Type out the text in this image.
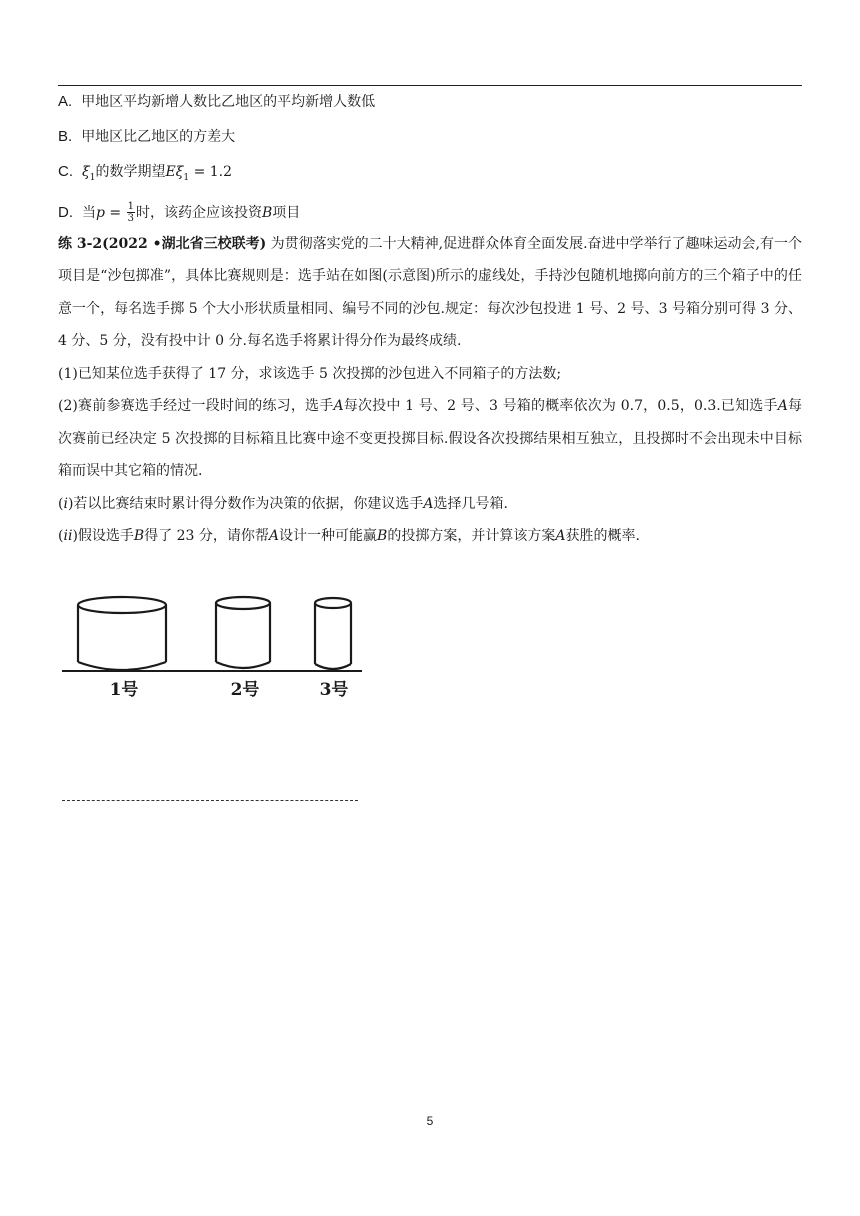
A. 甲地区平均新增人数比乙地区的平均新增人数低

B. 甲地区比乙地区的方差大

C. $\xi_1$的数学期望$E\xi_1 = 1.2$

D. 当$p = \frac{1}{3}$ 时，该药企应该投资B项目

练 3-2(2022 •湖北省三校联考) 为贯彻落实党的二十大精神,促进群众体育全面发展.奋进中学举行了趣味运动会,有一个项目是“沙包掷准”，具体比赛规则是：选手站在如图(示意图)所示的虚线处，手持沙包随机地掷向前方的三个箱子中的任意一个，每名选手掷 5 个大小形状质量相同、编号不同的沙包.规定：每次沙包投进 1 号、2 号、3 号箱分别可得 3 分、4 分、5 分，没有投中计 0 分.每名选手将累计得分作为最终成绩.

(1)已知某位选手获得了 17 分，求该选手 5 次投掷的沙包进入不同箱子的方法数;

(2)赛前参赛选手经过一段时间的练习，选手A每次投中 1 号、2 号、3 号箱的概率依次为 0.7，0.5，0.3.已知选手A每次赛前已经决定 5 次投掷的目标箱且比赛中途不变更投掷目标.假设各次投掷结果相互独立，且投掷时不会出现未中目标箱而误中其它箱的情况.

(i)若以比赛结束时累计得分数作为决策的依据，你建议选手A选择几号箱.

(ii)假设选手B得了 23 分，请你帮A设计一种可能赢B的投掷方案，并计算该方案A获胜的概率.

1号	2号	3号
5
